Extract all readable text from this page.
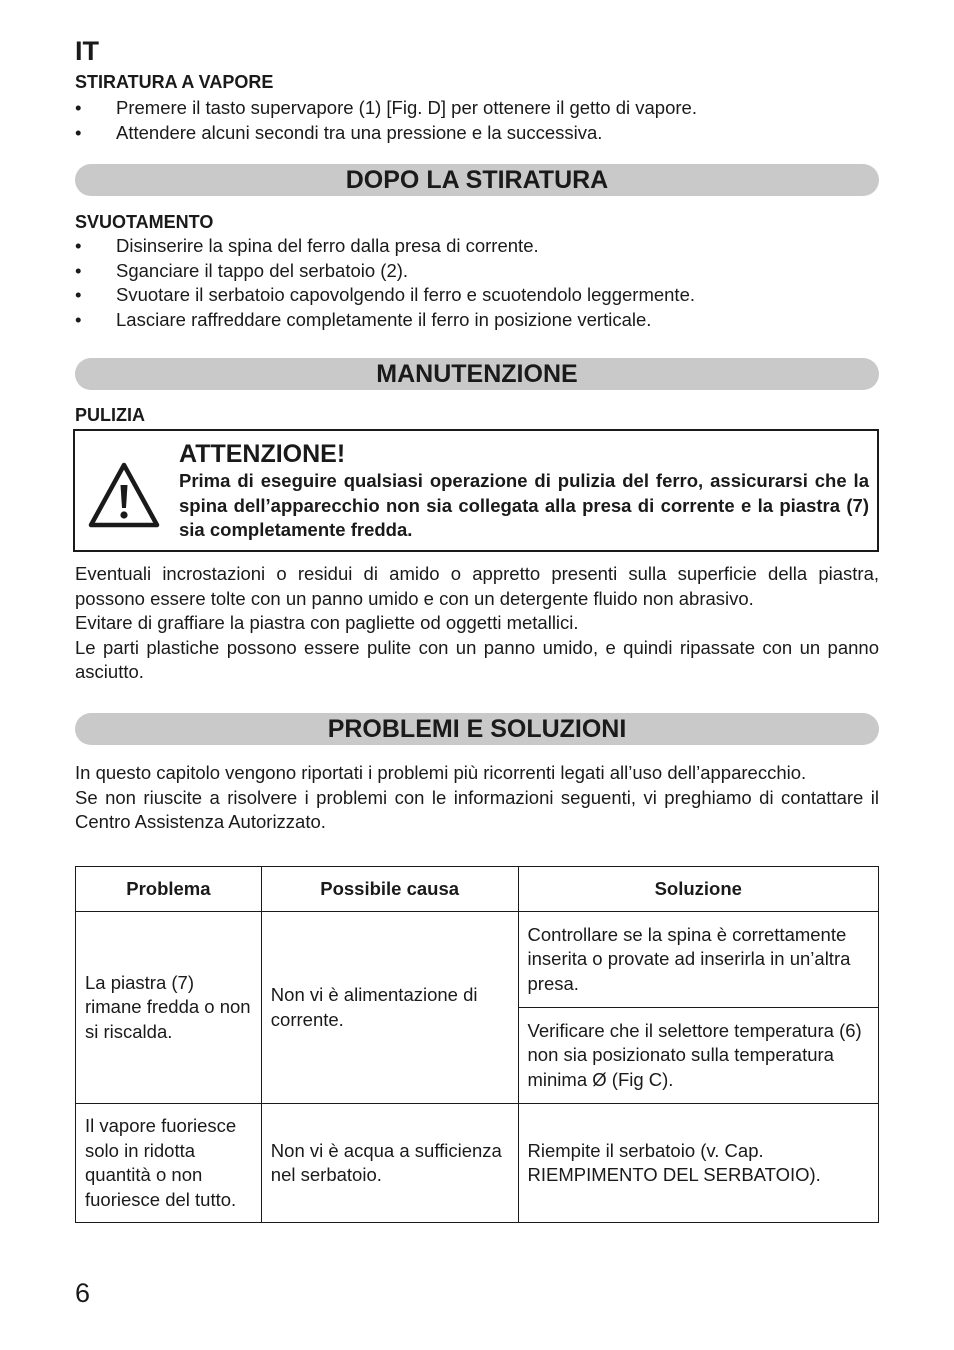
IT
STIRATURA A VAPORE
• Premere il tasto supervapore (1) [Fig. D] per ottenere il getto di vapore.
• Attendere alcuni secondi tra una pressione e la successiva.
DOPO LA STIRATURA
SVUOTAMENTO
• Disinserire la spina del ferro dalla presa di corrente.
• Sganciare il tappo del serbatoio (2).
• Svuotare il serbatoio capovolgendo il ferro e scuotendolo leggermente.
• Lasciare raffreddare completamente il ferro in posizione verticale.
MANUTENZIONE
PULIZIA
ATTENZIONE!
Prima di eseguire qualsiasi operazione di pulizia del ferro, assicurarsi che la spina dell’apparecchio non sia collegata alla presa di corrente e la piastra (7) sia completamente fredda.

Eventuali incrostazioni o residui di amido o appretto presenti sulla superficie della piastra, possono essere tolte con un panno umido e con un detergente fluido non abrasivo.

Evitare di graffiare la piastra con pagliette od oggetti metallici.

Le parti plastiche possono essere pulite con un panno umido, e quindi ripassate con un panno asciutto.

PROBLEMI E SOLUZIONI

In questo capitolo vengono riportati i problemi più ricorrenti legati all’uso dell’apparecchio.

Se non riuscite a risolvere i problemi con le informazioni seguenti, vi preghiamo di contattare il Centro Assistenza Autorizzato.

Problema	Possibile causa	Soluzione
La piastra (7) rimane fredda o non si riscalda.	Non vi è alimentazione di corrente.	Controllare se la spina è correttamente inserita o provate ad inserirla in un’altra presa.
		Verificare che il selettore temperatura (6) non sia posizionato sulla temperatura minima Ø (Fig C).
Il vapore fuoriesce solo in ridotta quantità o non fuoriesce del tutto.	Non vi è acqua a sufficienza nel serbatoio.	Riempite il serbatoio (v. Cap. RIEMPIMENTO DEL SERBATOIO).
6
